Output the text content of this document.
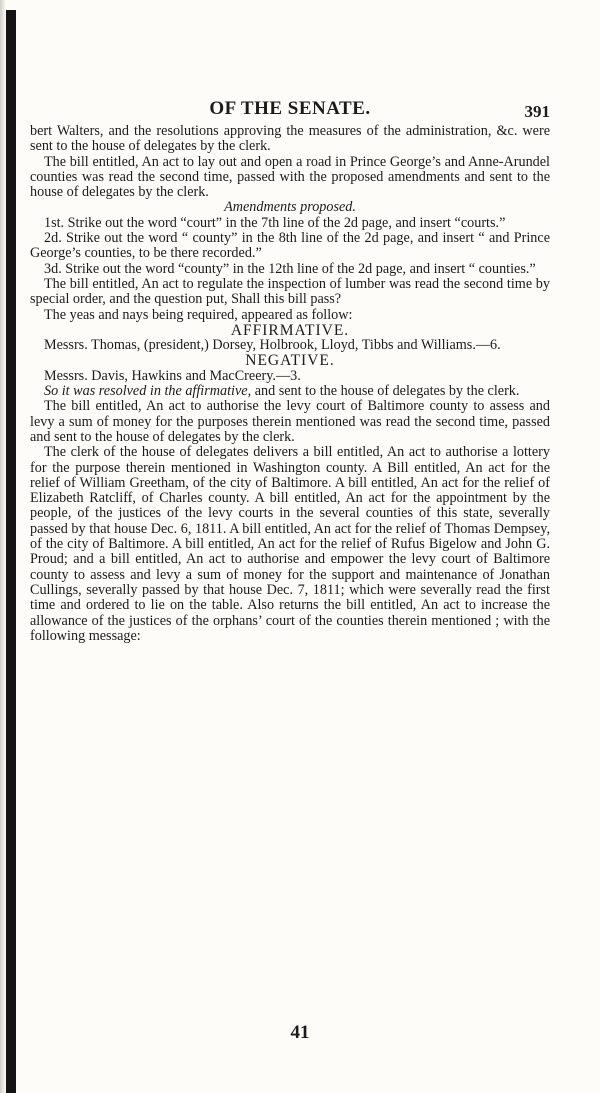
OF THE SENATE.	391

bert Walters, and the resolutions approving the measures of the administration, &c. were sent to the house of delegates by the clerk.

The bill entitled, An act to lay out and open a road in Prince George’s and Anne-Arundel counties was read the second time, passed with the proposed amendments and sent to the house of delegates by the clerk.

Amendments proposed.

1st. Strike out the word “court” in the 7th line of the 2d page, and insert “courts.”

2d. Strike out the word “ county” in the 8th line of the 2d page, and insert “ and Prince George’s counties, to be there recorded.”

3d. Strike out the word “county” in the 12th line of the 2d page, and insert “ counties.”

The bill entitled, An act to regulate the inspection of lumber was read the second time by special order, and the question put, Shall this bill pass?

The yeas and nays being required, appeared as follow:

AFFIRMATIVE.

Messrs. Thomas, (president,) Dorsey, Holbrook, Lloyd, Tibbs and Williams.—6.

NEGATIVE.

Messrs. Davis, Hawkins and MacCreery.—3.

So it was resolved in the affirmative, and sent to the house of delegates by the clerk.

The bill entitled, An act to authorise the levy court of Baltimore county to assess and levy a sum of money for the purposes therein mentioned was read the second time, passed and sent to the house of delegates by the clerk.

The clerk of the house of delegates delivers a bill entitled, An act to authorise a lottery for the purpose therein mentioned in Washington county. A Bill entitled, An act for the relief of William Greetham, of the city of Baltimore. A bill entitled, An act for the relief of Elizabeth Ratcliff, of Charles county. A bill entitled, An act for the appointment by the people, of the justices of the levy courts in the several counties of this state, severally passed by that house Dec. 6, 1811. A bill entitled, An act for the relief of Thomas Dempsey, of the city of Baltimore. A bill entitled, An act for the relief of Rufus Bigelow and John G. Proud; and a bill entitled, An act to authorise and empower the levy court of Baltimore county to assess and levy a sum of money for the support and maintenance of Jonathan Cullings, severally passed by that house Dec. 7, 1811; which were severally read the first time and ordered to lie on the table. Also returns the bill entitled, An act to increase the allowance of the justices of the orphans’ court of the counties therein mentioned ; with the following message:

41
